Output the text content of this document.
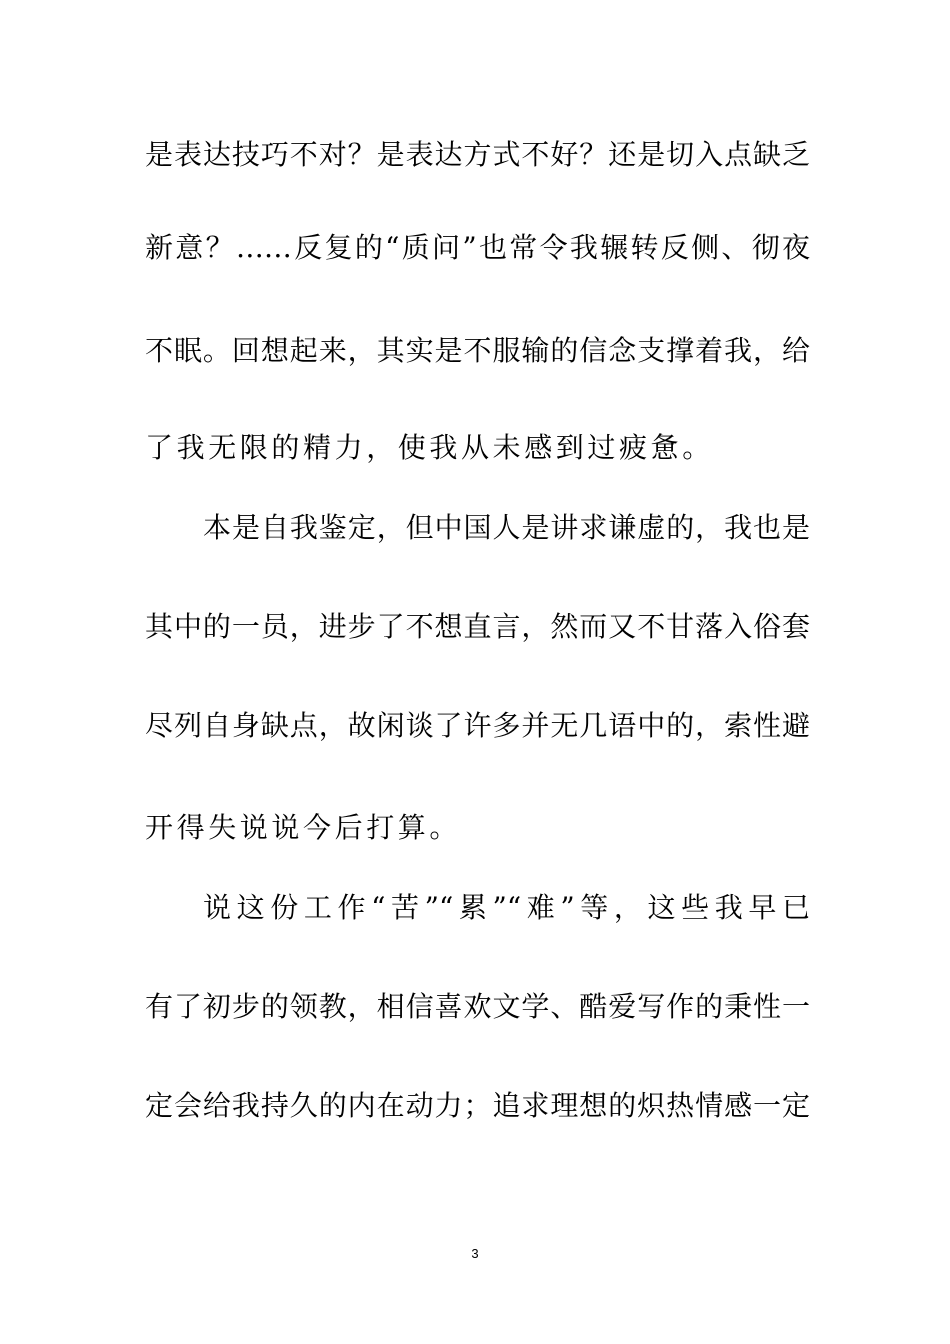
是表达技巧不对？是表达方式不好？还是切入点缺乏
新意？……反复的“质问”也常令我辗转反侧、彻夜
不眠。回想起来，其实是不服输的信念支撑着我，给
了我无限的精力，使我从未感到过疲惫。
本是自我鉴定，但中国人是讲求谦虚的，我也是
其中的一员，进步了不想直言，然而又不甘落入俗套
尽列自身缺点，故闲谈了许多并无几语中的，索性避
开得失说说今后打算。
说这份工作“苦”“累”“难”等，这些我早已
有了初步的领教，相信喜欢文学、酷爱写作的秉性一
定会给我持久的内在动力；追求理想的炽热情感一定
3
